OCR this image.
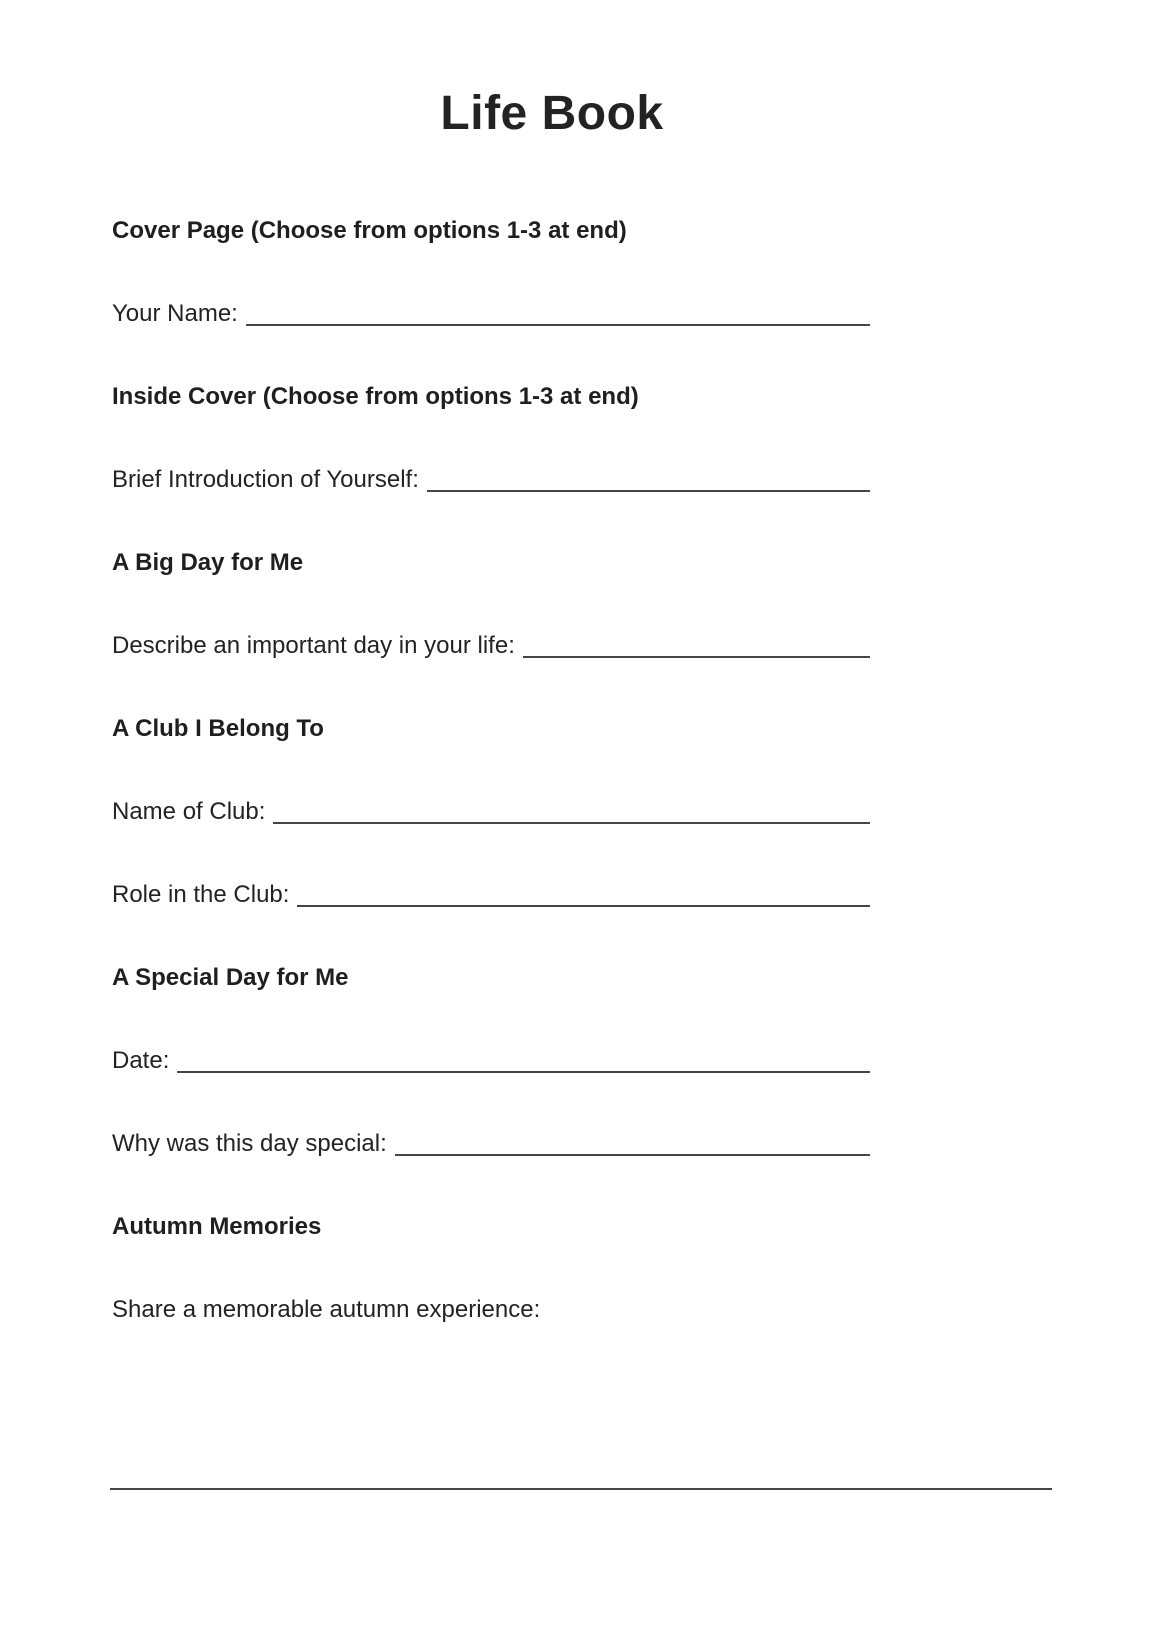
Life Book
Cover Page (Choose from options 1-3 at end)
Your Name:
Inside Cover (Choose from options 1-3 at end)
Brief Introduction of Yourself:
A Big Day for Me
Describe an important day in your life:
A Club I Belong To
Name of Club:
Role in the Club:
A Special Day for Me
Date:
Why was this day special:
Autumn Memories

Share a memorable autumn experience:
